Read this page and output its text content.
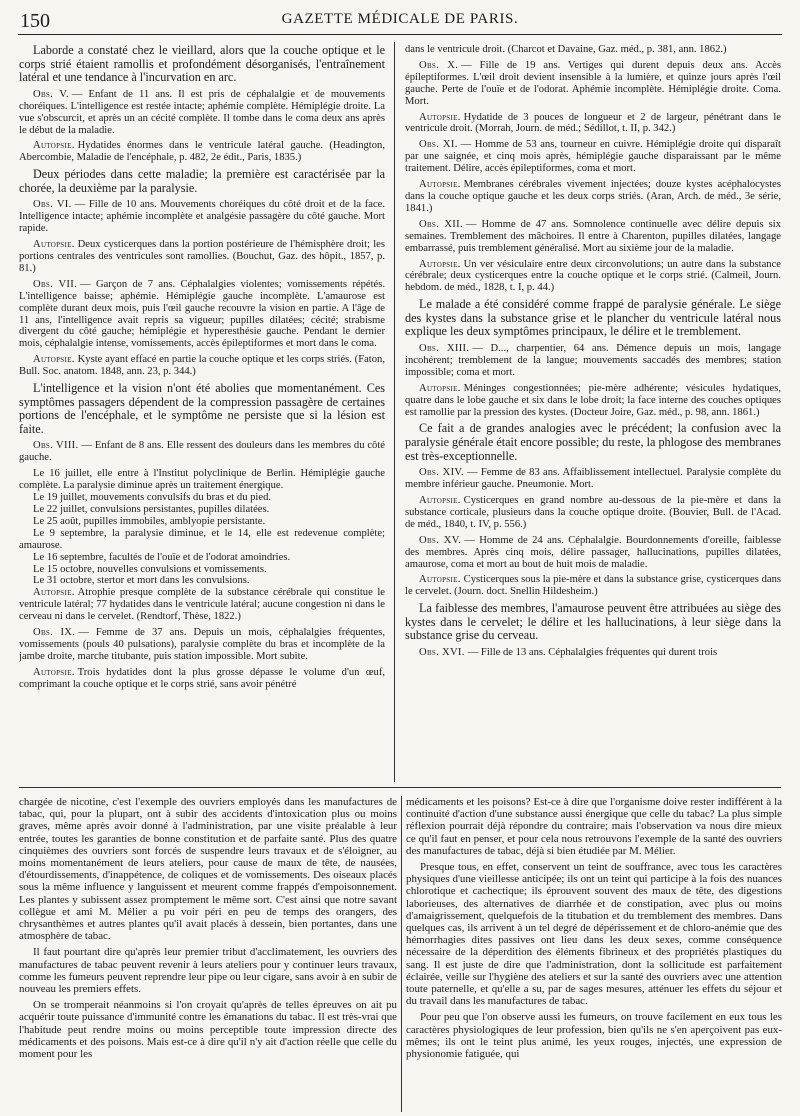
150	GAZETTE MÉDICALE DE PARIS.

Laborde a constaté chez le vieillard, alors que la couche optique et le corps strié étaient ramollis et profondément désorganisés, l'entraînement latéral et une tendance à l'incurvation en arc.

Obs. V. — Enfant de 11 ans. Il est pris de céphalalgie et de mouvements choréiques. L'intelligence est restée intacte; aphémie complète. Hémiplégie droite. La vue s'obscurcit, et après un an cécité complète. Il tombe dans le coma deux ans après le début de la maladie.

Autopsie. Hydatides énormes dans le ventricule latéral gauche. (Headington, Abercombie, Maladie de l'encéphale, p. 482, 2e édit., Paris, 1835.)

Deux périodes dans cette maladie; la première est caractérisée par la chorée, la deuxième par la paralysie.

Obs. VI. — Fille de 10 ans. Mouvements choréiques du côté droit et de la face. Intelligence intacte; aphémie incomplète et analgésie passagère du côté gauche. Mort rapide.

Autopsie. Deux cysticerques dans la portion postérieure de l'hémisphère droit; les portions centrales des ventricules sont ramollies. (Bouchut, Gaz. des hôpit., 1857, p. 81.)

Obs. VII. — Garçon de 7 ans. Céphalalgies violentes; vomissements répétés. L'intelligence baisse; aphémie. Hémiplégie gauche incomplète. L'amaurose est complète durant deux mois, puis l'œil gauche recouvre la vision en partie. A l'âge de 11 ans, l'intelligence avait repris sa vigueur; pupilles dilatées; cécité; strabisme divergent du côté gauche; hémiplégie et hyperesthésie gauche. Pendant le dernier mois, céphalalgie intense, vomissements, accès épileptiformes et mort dans le coma.

Autopsie. Kyste ayant effacé en partie la couche optique et les corps striés. (Faton, Bull. Soc. anatom. 1848, ann. 23, p. 344.)

L'intelligence et la vision n'ont été abolies que momentanément. Ces symptômes passagers dépendent de la compression passagère de certaines portions de l'encéphale, et le symptôme ne persiste que si la lésion est faite.

Obs. VIII. — Enfant de 8 ans. Elle ressent des douleurs dans les membres du côté gauche.

Le 16 juillet, elle entre à l'Institut polyclinique de Berlin. Hémiplégie gauche complète. La paralysie diminue après un traitement énergique.

Le 19 juillet, mouvements convulsifs du bras et du pied.

Le 22 juillet, convulsions persistantes, pupilles dilatées.

Le 25 août, pupilles immobiles, amblyopie persistante.

Le 9 septembre, la paralysie diminue, et le 14, elle est redevenue complète; amaurose.

Le 16 septembre, facultés de l'ouïe et de l'odorat amoindries.

Le 15 octobre, nouvelles convulsions et vomissements.

Le 31 octobre, stertor et mort dans les convulsions.

Autopsie. Atrophie presque complète de la substance cérébrale qui constitue le ventricule latéral; 77 hydatides dans le ventricule latéral; aucune congestion ni dans le cerveau ni dans le cervelet. (Rendtorf, Thèse, 1822.)

Obs. IX. — Femme de 37 ans. Depuis un mois, céphalalgies fréquentes, vomissements (pouls 40 pulsations), paralysie complète du bras et incomplète de la jambe droite, marche titubante, puis station impossible. Mort subite.

Autopsie. Trois hydatides dont la plus grosse dépasse le volume d'un œuf, comprimant la couche optique et le corps strié, sans avoir pénétré

dans le ventricule droit. (Charcot et Davaine, Gaz. méd., p. 381, ann. 1862.)

Obs. X. — Fille de 19 ans. Vertiges qui durent depuis deux ans. Accès épileptiformes. L'œil droit devient insensible à la lumière, et quinze jours après l'œil gauche. Perte de l'ouïe et de l'odorat. Aphémie incomplète. Hémiplégie droite. Coma. Mort.

Autopsie. Hydatide de 3 pouces de longueur et 2 de largeur, pénétrant dans le ventricule droit. (Morrah, Journ. de méd.; Sédillot, t. II, p. 342.)

Obs. XI. — Homme de 53 ans, tourneur en cuivre. Hémiplégie droite qui disparaît par une saignée, et cinq mois après, hémiplégie gauche disparaissant par le même traitement. Délire, accès épileptiformes, coma et mort.

Autopsie. Membranes cérébrales vivement injectées; douze kystes acéphalocystes dans la couche optique gauche et les deux corps striés. (Aran, Arch. de méd., 3e série, 1841.)

Obs. XII. — Homme de 47 ans. Somnolence continuelle avec délire depuis six semaines. Tremblement des mâchoires. Il entre à Charenton, pupilles dilatées, langage embarrassé, puis tremblement généralisé. Mort au sixième jour de la maladie.

Autopsie. Un ver vésiculaire entre deux circonvolutions; un autre dans la substance cérébrale; deux cysticerques entre la couche optique et le corps strié. (Calmeil, Journ. hebdom. de méd., 1828, t. I, p. 44.)

Le malade a été considéré comme frappé de paralysie générale. Le siège des kystes dans la substance grise et le plancher du ventricule latéral nous explique les deux symptômes principaux, le délire et le tremblement.

Obs. XIII. — D..., charpentier, 64 ans. Démence depuis un mois, langage incohérent; tremblement de la langue; mouvements saccadés des membres; station impossible; coma et mort.

Autopsie. Méninges congestionnées; pie-mère adhérente; vésicules hydatiques, quatre dans le lobe gauche et six dans le lobe droit; la face interne des couches optiques est ramollie par la pression des kystes. (Docteur Joire, Gaz. méd., p. 98, ann. 1861.)

Ce fait a de grandes analogies avec le précédent; la confusion avec la paralysie générale était encore possible; du reste, la phlogose des membranes est très-exceptionnelle.

Obs. XIV. — Femme de 83 ans. Affaiblissement intellectuel. Paralysie complète du membre inférieur gauche. Pneumonie. Mort.

Autopsie. Cysticerques en grand nombre au-dessous de la pie-mère et dans la substance corticale, plusieurs dans la couche optique droite. (Bouvier, Bull. de l'Acad. de méd., 1840, t. IV, p. 556.)

Obs. XV. — Homme de 24 ans. Céphalalgie. Bourdonnements d'oreille, faiblesse des membres. Après cinq mois, délire passager, hallucinations, pupilles dilatées, amaurose, coma et mort au bout de huit mois de maladie.

Autopsie. Cysticerques sous la pie-mère et dans la substance grise, cysticerques dans le cervelet. (Journ. doct. Snellin Hildesheim.)

La faiblesse des membres, l'amaurose peuvent être attribuées au siège des kystes dans le cervelet; le délire et les hallucinations, à leur siège dans la substance grise du cerveau.

Obs. XVI. — Fille de 13 ans. Céphalalgies fréquentes qui durent trois

chargée de nicotine, c'est l'exemple des ouvriers employés dans les manufactures de tabac, qui, pour la plupart, ont à subir des accidents d'intoxication plus ou moins graves, même après avoir donné à l'administration, par une visite préalable à leur entrée, toutes les garanties de bonne constitution et de parfaite santé. Plus des quatre cinquièmes des ouvriers sont forcés de suspendre leurs travaux et de s'éloigner, au moins momentanément de leurs ateliers, pour cause de maux de tête, de nausées, d'étourdissements, d'inappétence, de coliques et de vomissements. Des oiseaux placés sous la même influence y languissent et meurent comme frappés d'empoisonnement. Les plantes y subissent assez promptement le même sort. C'est ainsi que notre savant collègue et ami M. Mélier a pu voir péri en peu de temps des orangers, des chrysanthèmes et autres plantes qu'il avait placés à dessein, bien portantes, dans une atmosphère de tabac.

Il faut pourtant dire qu'après leur premier tribut d'acclimatement, les ouvriers des manufactures de tabac peuvent revenir à leurs ateliers pour y continuer leurs travaux, comme les fumeurs peuvent reprendre leur pipe ou leur cigare, sans avoir à en subir de nouveau les premiers effets.

On se tromperait néanmoins si l'on croyait qu'après de telles épreuves on ait pu acquérir toute puissance d'immunité contre les émanations du tabac. Il est très-vrai que l'habitude peut rendre moins ou moins perceptible toute impression directe des médicaments et des poisons. Mais est-ce à dire qu'il n'y ait d'action réelle que celle du moment pour les

médicaments et les poisons? Est-ce à dire que l'organisme doive rester indifférent à la continuité d'action d'une substance aussi énergique que celle du tabac? La plus simple réflexion pourrait déjà répondre du contraire; mais l'observation va nous dire mieux ce qu'il faut en penser, et pour cela nous retrouvons l'exemple de la santé des ouvriers des manufactures de tabac, déjà si bien étudiée par M. Mélier.

Presque tous, en effet, conservent un teint de souffrance, avec tous les caractères physiques d'une vieillesse anticipée; ils ont un teint qui participe à la fois des nuances chlorotique et cachectique; ils éprouvent souvent des maux de tête, des digestions laborieuses, des alternatives de diarrhée et de constipation, avec plus ou moins d'amaigrissement, quelquefois de la titubation et du tremblement des membres. Dans quelques cas, ils arrivent à un tel degré de dépérissement et de chloro-anémie que des hémorrhagies dites passives ont lieu dans les deux sexes, comme conséquence nécessaire de la déperdition des éléments fibrineux et des propriétés plastiques du sang. Il est juste de dire que l'administration, dont la sollicitude est parfaitement éclairée, veille sur l'hygiène des ateliers et sur la santé des ouvriers avec une attention toute paternelle, et qu'elle a su, par de sages mesures, atténuer les effets du séjour et du travail dans les manufactures de tabac.

Pour peu que l'on observe aussi les fumeurs, on trouve facilement en eux tous les caractères physiologiques de leur profession, bien qu'ils ne s'en aperçoivent pas eux-mêmes; ils ont le teint plus animé, les yeux rouges, injectés, une expression de physionomie fatiguée, qui
